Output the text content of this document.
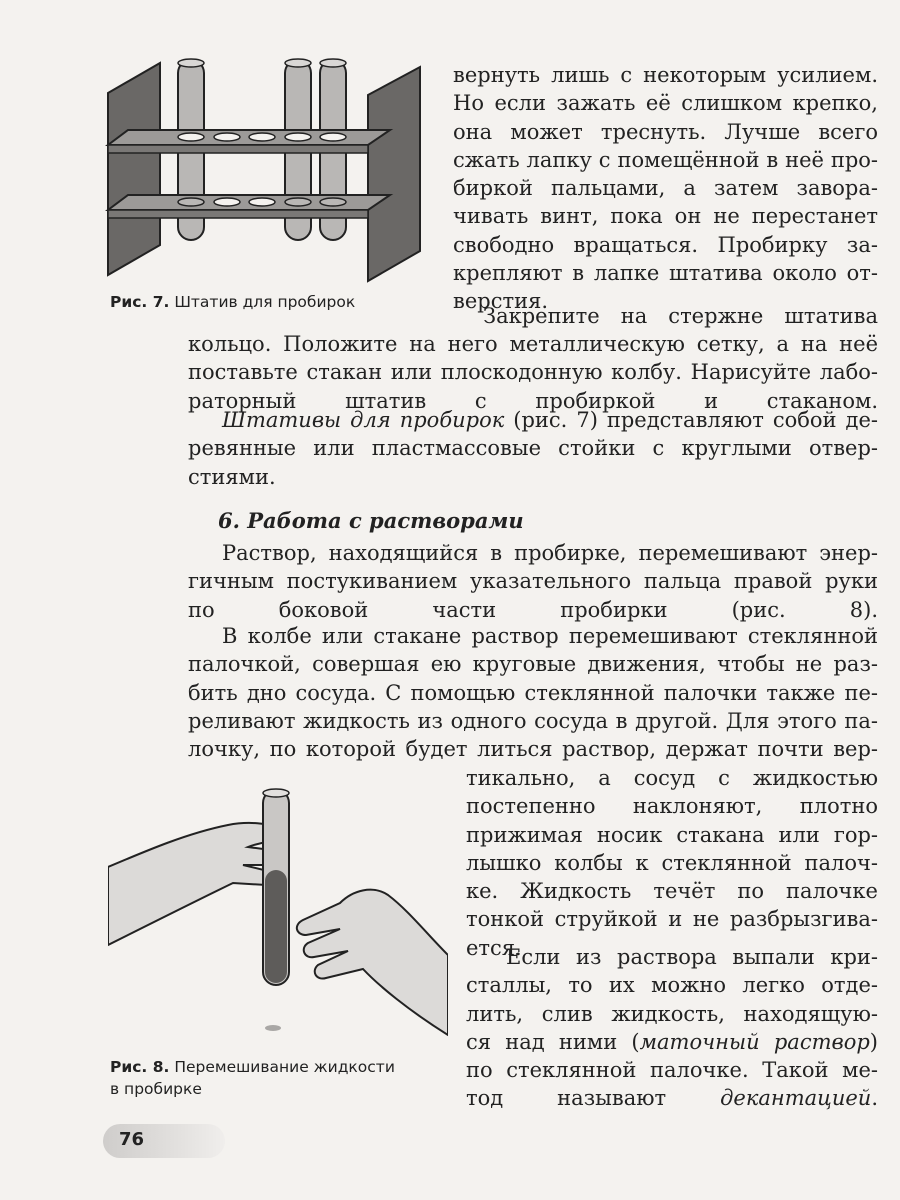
Рис. 7. Штатив для пробирок
вернуть лишь с некоторым усилием.
Но если зажать её слишком крепко,
она может треснуть. Лучше всего
сжать лапку с помещённой в неё про-
биркой пальцами, а затем завора-
чивать винт, пока он не перестанет
свободно вращаться. Пробирку за-
крепляют в лапке штатива около от-
верстия.
Закрепите на стержне штатива
кольцо. Положите на него металлическую сетку, а на неё
поставьте стакан или плоскодонную колбу. Нарисуйте лабо-
раторный штатив с пробиркой и стаканом.
Штативы для пробирок (рис. 7) представляют собой де-
ревянные или пластмассовые стойки с круглыми отвер-
стиями.
6. Работа с растворами
Раствор, находящийся в пробирке, перемешивают энер-
гичным постукиванием указательного пальца правой руки
по боковой части пробирки (рис. 8).
В колбе или стакане раствор перемешивают стеклянной
палочкой, совершая ею круговые движения, чтобы не раз-
бить дно сосуда. С помощью стеклянной палочки также пе-
реливают жидкость из одного сосуда в другой. Для этого па-
лочку, по которой будет литься раствор, держат почти вер-
Рис. 8. Перемешивание жидкости
в пробирке
тикально, а сосуд с жидкостью
постепенно наклоняют, плотно
прижимая носик стакана или гор-
лышко колбы к стеклянной палоч-
ке. Жидкость течёт по палочке
тонкой струйкой и не разбрызгива-
ется.
Если из раствора выпали кри-
сталлы, то их можно легко отде-
лить, слив жидкость, находящую-
ся над ними (маточный раствор)
по стеклянной палочке. Такой ме-
тод называют декантацией.
76
